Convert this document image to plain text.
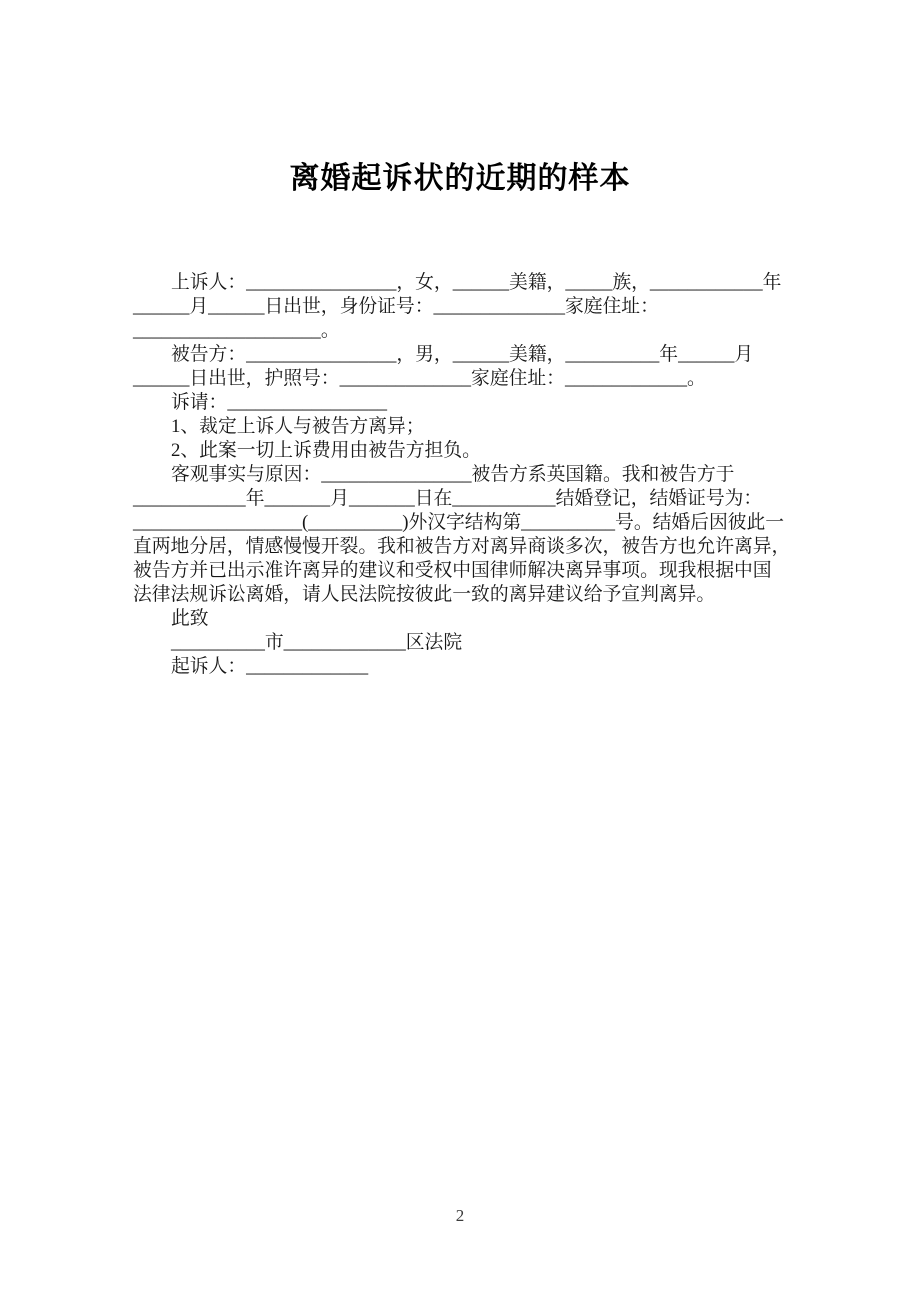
离婚起诉状的近期的样本
上诉人：________________，女，______美籍，_____族，____________年
______月______日出世，身份证号：______________家庭住址：
____________________。
被告方：________________，男，______美籍，__________年______月
______日出世，护照号：______________家庭住址：_____________。
诉请：_________________
1、裁定上诉人与被告方离异；
2、此案一切上诉费用由被告方担负。
客观事实与原因：________________被告方系英国籍。我和被告方于
____________年_______月_______日在___________结婚登记，结婚证号为：
__________________(__________)外汉字结构第__________号。结婚后因彼此一
直两地分居，情感慢慢开裂。我和被告方对离异商谈多次，被告方也允许离异，
被告方并已出示准许离异的建议和受权中国律师解决离异事项。现我根据中国
法律法规诉讼离婚，请人民法院按彼此一致的离异建议给予宣判离异。
此致
__________市_____________区法院
起诉人：_____________
2
